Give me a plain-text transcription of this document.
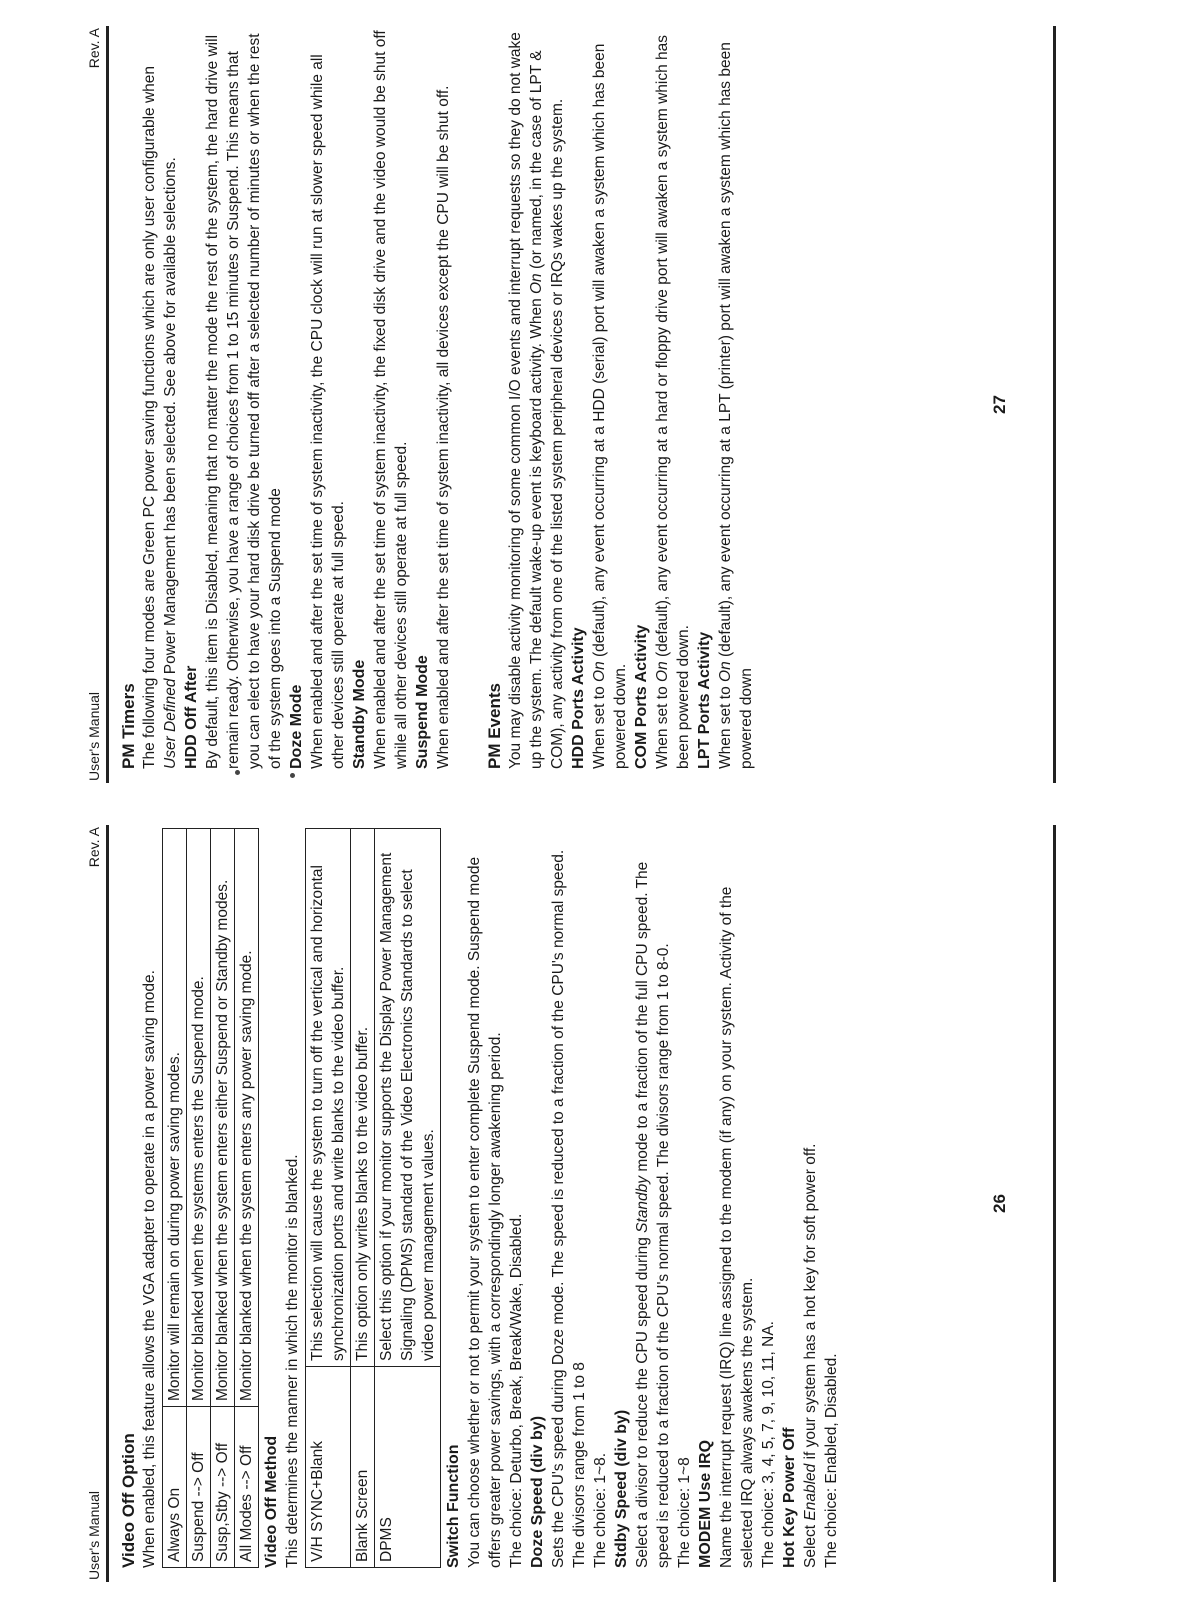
User's Manual
Rev. A

Video Off Option When enabled, this feature allows the VGA adapter to operate in a power saving mode. Always On	Monitor will remain on during power saving modes.
Suspend --> Off	Monitor blanked when the systems enters the Suspend mode.
Susp,Stby --> Off	Monitor blanked when the system enters either Suspend or Standby modes.
All Modes --> Off	Monitor blanked when the system enters any power saving mode.

Video Off Method This determines the manner in which the monitor is blanked. V/H SYNC+Blank	This selection will cause the system to turn off the vertical and horizontal synchronization ports and write blanks to the video buffer.
Blank Screen	This option only writes blanks to the video buffer.
DPMS	Select this option if your monitor supports the Display Power Management Signaling (DPMS) standard of the Video Electronics Standards to select video power management values.

Switch Function You can choose whether or not to permit your system to enter complete Suspend mode. Suspend mode offers greater power savings, with a correspondingly longer awakening period. The choice: Deturbo, Break, Break/Wake, Disabled. Doze Speed (div by) Sets the CPU's speed during Doze mode. The speed is reduced to a fraction of the CPU's normal speed. The divisors range from 1 to 8 The choice: 1~8. Stdby Speed (div by) Select a divisor to reduce the CPU speed during Standby mode to a fraction of the full CPU speed. The speed is reduced to a fraction of the CPU's normal speed. The divisors range from 1 to 8-0. The choice: 1~8 MODEM Use IRQ Name the interrupt request (IRQ) line assigned to the modem (if any) on your system. Activity of the selected IRQ always awakens the system. The choice: 3, 4, 5, 7, 9, 10, 11, NA. Hot Key Power Off Select Enabled if your system has a hot key for soft power off. The choice: Enabled, Disabled.

26
User's Manual
Rev. A

PM Timers The following four modes are Green PC power saving functions which are only user configurable when User Defined Power Management has been selected. See above for available selections.

HDD Off After By default, this item is Disabled, meaning that no matter the mode the rest of the system, the hard drive will remain ready. Otherwise, you have a range of choices from 1 to 15 minutes or Suspend. This means that you can elect to have your hard disk drive be turned off after a selected number of minutes or when the rest of the system goes into a Suspend mode Doze Mode When enabled and after the set time of system inactivity, the CPU clock will run at slower speed while all other devices still operate at full speed. Standby Mode When enabled and after the set time of system inactivity, the fixed disk drive and the video would be shut off while all other devices still operate at full speed. Suspend Mode When enabled and after the set time of system inactivity, all devices except the CPU will be shut off. PM Events You may disable activity monitoring of some common I/O events and interrupt requests so they do not wake up the system. The default wake-up event is keyboard activity. When On (or named, in the case of LPT & COM), any activity from one of the listed system peripheral devices or IRQs wakes up the system. HDD Ports Activity When set to On (default), any event occurring at a HDD (serial) port will awaken a system which has been powered down. COM Ports Activity When set to On (default), any event occurring at a hard or floppy drive port will awaken a system which has been powered down. LPT Ports Activity When set to On (default), any event occurring at a LPT (printer) port will awaken a system which has been powered down

27
